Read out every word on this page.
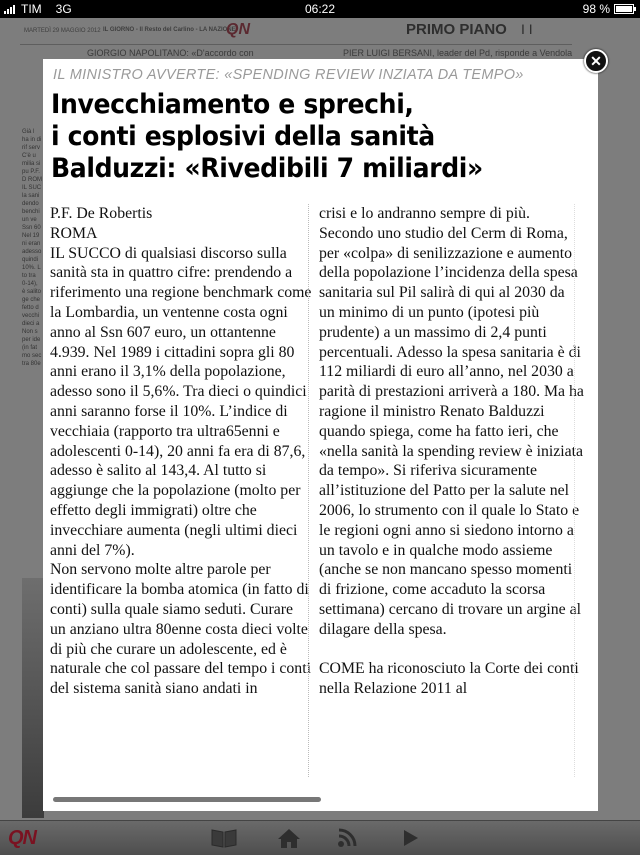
TIM 3G	06:22	98 %
MARTEDÌ 29 MAGGIO 2012 IL GIORNO - Il Resto del Carlino - LA NAZIONE
QN	PRIMO PIANO I I
GIORGIO NAPOLITANO: «D'accordo con	PIER LUIGI BERSANI, leader del Pd, risponde a Vendola
Già l ha in di rif serv C'è u milia si pu P.F. D ROM IL SUC la sani dendo benchi un ve Ssn 60 Nel 19 ni eran adesso quindi 10%. L to tra 0-14), è salito ge che fetto d vecchi dieci a Non s per ide (in fat mo sec tra 80e
IL MINISTRO AVVERTE: «SPENDING REVIEW INZIATA DA TEMPO»
Invecchiamento e sprechi,
i conti esplosivi della sanità
Balduzzi: «Rivedibili 7 miliardi»

P.F. De Robertis

ROMA

IL SUCCO di qualsiasi discorso sulla sanità sta in quattro cifre: prendendo a riferimento una regione benchmark come la Lombardia, un ventenne costa ogni anno al Ssn 607 euro, un ottantenne 4.939. Nel 1989 i cittadini sopra gli 80 anni erano il 3,1% della popolazione, adesso sono il 5,6%. Tra dieci o quindici anni saranno forse il 10%. L’indice di vecchiaia (rapporto tra ultra65enni e adolescenti 0-14), 20 anni fa era di 87,6, adesso è salito al 143,4. Al tutto si aggiunge che la popolazione (molto per effetto degli immigrati) oltre che invecchiare aumenta (negli ultimi dieci anni del 7%).

Non servono molte altre parole per identificare la bomba atomica (in fatto di conti) sulla quale siamo seduti. Curare un anziano ultra 80enne costa dieci volte di più che curare un adolescente, ed è naturale che col passare del tempo i conti del sistema sanità siano andati in

crisi e lo andranno sempre di più. Secondo uno studio del Cerm di Roma, per «colpa» di senilizzazione e aumento della popolazione l’incidenza della spesa sanitaria sul Pil salirà di qui al 2030 da un minimo di un punto (ipotesi più prudente) a un massimo di 2,4 punti percentuali. Adesso la spesa sanitaria è di 112 miliardi di euro all’anno, nel 2030 a parità di prestazioni arriverà a 180. Ma ha ragione il ministro Renato Balduzzi quando spiega, come ha fatto ieri, che «nella sanità la spending review è iniziata da tempo». Si riferiva sicuramente all’istituzione del Patto per la salute nel 2006, lo strumento con il quale lo Stato e le regioni ogni anno si siedono intorno a un tavolo e in qualche modo assieme (anche se non mancano spesso momenti di frizione, come accaduto la scorsa settimana) cercano di trovare un argine al dilagare della spesa.

COME ha riconosciuto la Corte dei conti nella Relazione 2011 al

✕
QN
